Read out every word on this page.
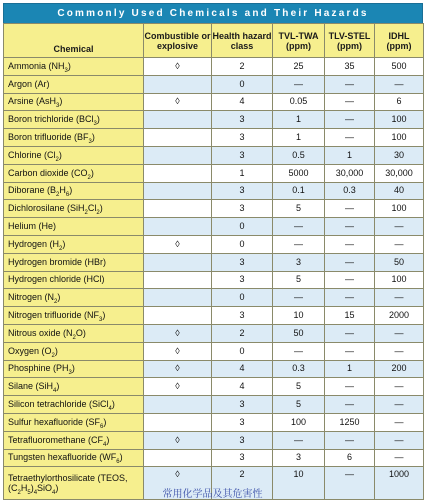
Commonly Used Chemicals and Their Hazards
Chemical	Combustible or explosive	Health hazard class	TVL-TWA (ppm)	TLV-STEL (ppm)	IDHL (ppm)
Ammonia $(NH_3)$	◊	2	25	35	500
Argon (Ar)		0	—	—	—
Arsine (AsH$_3$)	◊	4	0.05	—	6
Boron trichloride (BCl$_3$)		3	1	—	100
Boron trifluoride $(BF_3)$		3	1	—	100
Chlorine $(Cl_2)$		3	0.5	1	30
Carbon dioxide $(CO_2)$		1	5000	30,000	30,000
Diborane $(B_2H_6)$		3	0.1	0.3	40
Dichlorosilane $(SiH_2Cl_2)$		3	5	—	100
Helium (He)		0	—	—	—
Hydrogen $(H_2)$	◊	0	—	—	—
Hydrogen bromide (HBr)		3	3	—	50
Hydrogen chloride (HCl)		3	5	—	100
Nitrogen $(N_2)$		0	—	—	—
Nitrogen trifluoride $(NF_3)$		3	10	15	2000
Nitrous oxide $(N_2O)$	◊	2	50	—	—
Oxygen $(O_2)$	◊	0	—	—	—
Phosphine $(PH_3)$	◊	4	0.3	1	200
Silane (SiH$_4$)	◊	4	5	—	—
Silicon tetrachloride (SiCl$_4$)		3	5	—	—
Sulfur hexafluoride $(SF_6)$		3	100	1250	—
Tetrafluoromethane $(CF_4)$	◊	3	—	—	—
Tungsten hexafluoride $(WF_6)$		3	3	6	—
Tetraethylorthosilicate (TEOS, $(C_2H_5)_4SiO_4$)	◊	2	10	—	1000
常用化学品及其危害性
